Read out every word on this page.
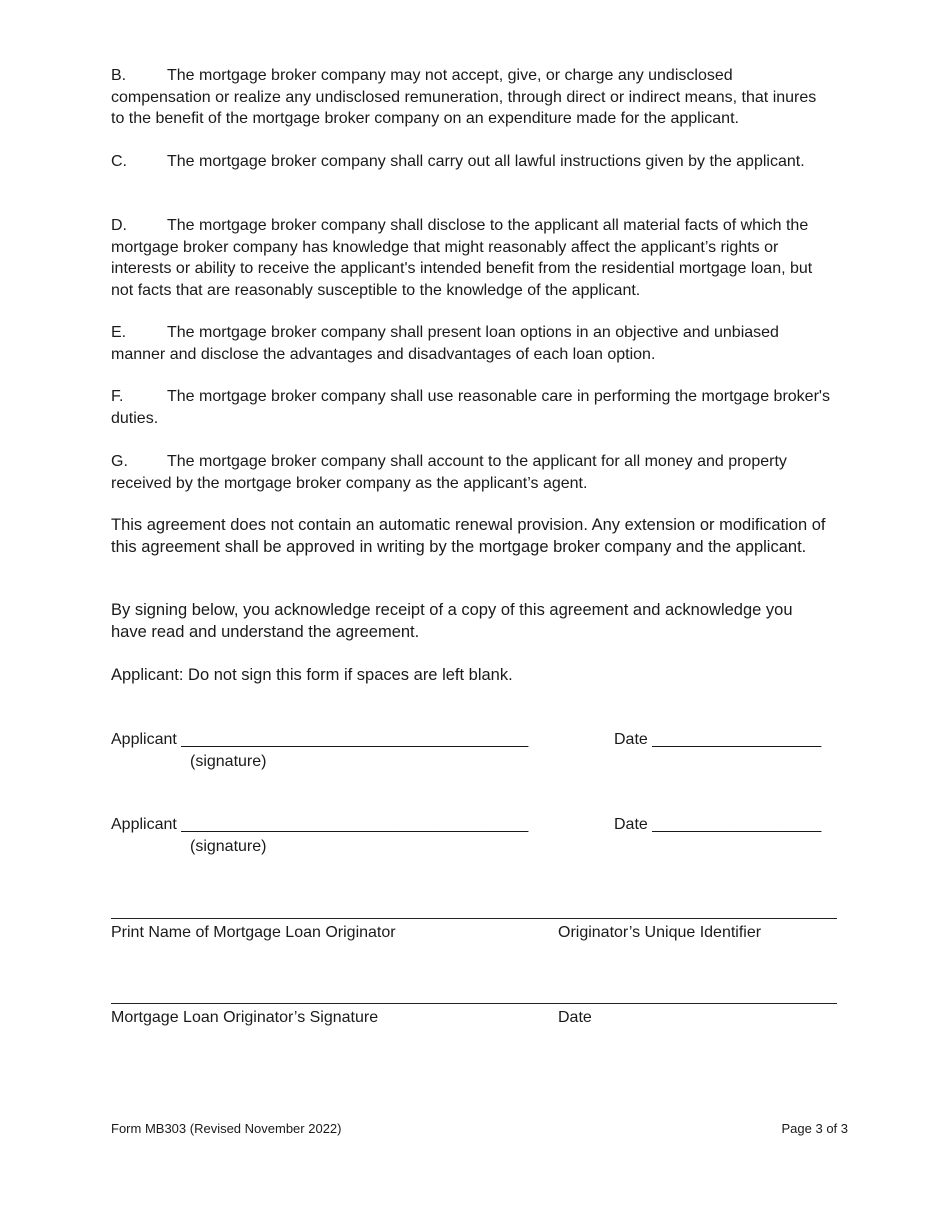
B.	The mortgage broker company may not accept, give, or charge any undisclosed compensation or realize any undisclosed remuneration, through direct or indirect means, that inures to the benefit of the mortgage broker company on an expenditure made for the applicant.

C.	The mortgage broker company shall carry out all lawful instructions given by the applicant.

D.	The mortgage broker company shall disclose to the applicant all material facts of which the mortgage broker company has knowledge that might reasonably affect the applicant’s rights or interests or ability to receive the applicant's intended benefit from the residential mortgage loan, but not facts that are reasonably susceptible to the knowledge of the applicant.

E.	The mortgage broker company shall present loan options in an objective and unbiased manner and disclose the advantages and disadvantages of each loan option.

F.	The mortgage broker company shall use reasonable care in performing the mortgage broker's duties.

G. The mortgage broker company shall account to the applicant for all money and property received by the mortgage broker company as the applicant’s agent.

This agreement does not contain an automatic renewal provision. Any extension or modification of this agreement shall be approved in writing by the mortgage broker company and the applicant.

By signing below, you acknowledge receipt of a copy of this agreement and acknowledge you have read and understand the agreement.

Applicant: Do not sign this form if spaces are left blank.

Applicant _______________________________________	Date ___________________
(signature)
Applicant _______________________________________	Date ___________________
(signature)
Print Name of Mortgage Loan Originator	Originator’s Unique Identifier
Mortgage Loan Originator’s Signature	Date
Form MB303 (Revised November 2022)	Page 3 of 3
